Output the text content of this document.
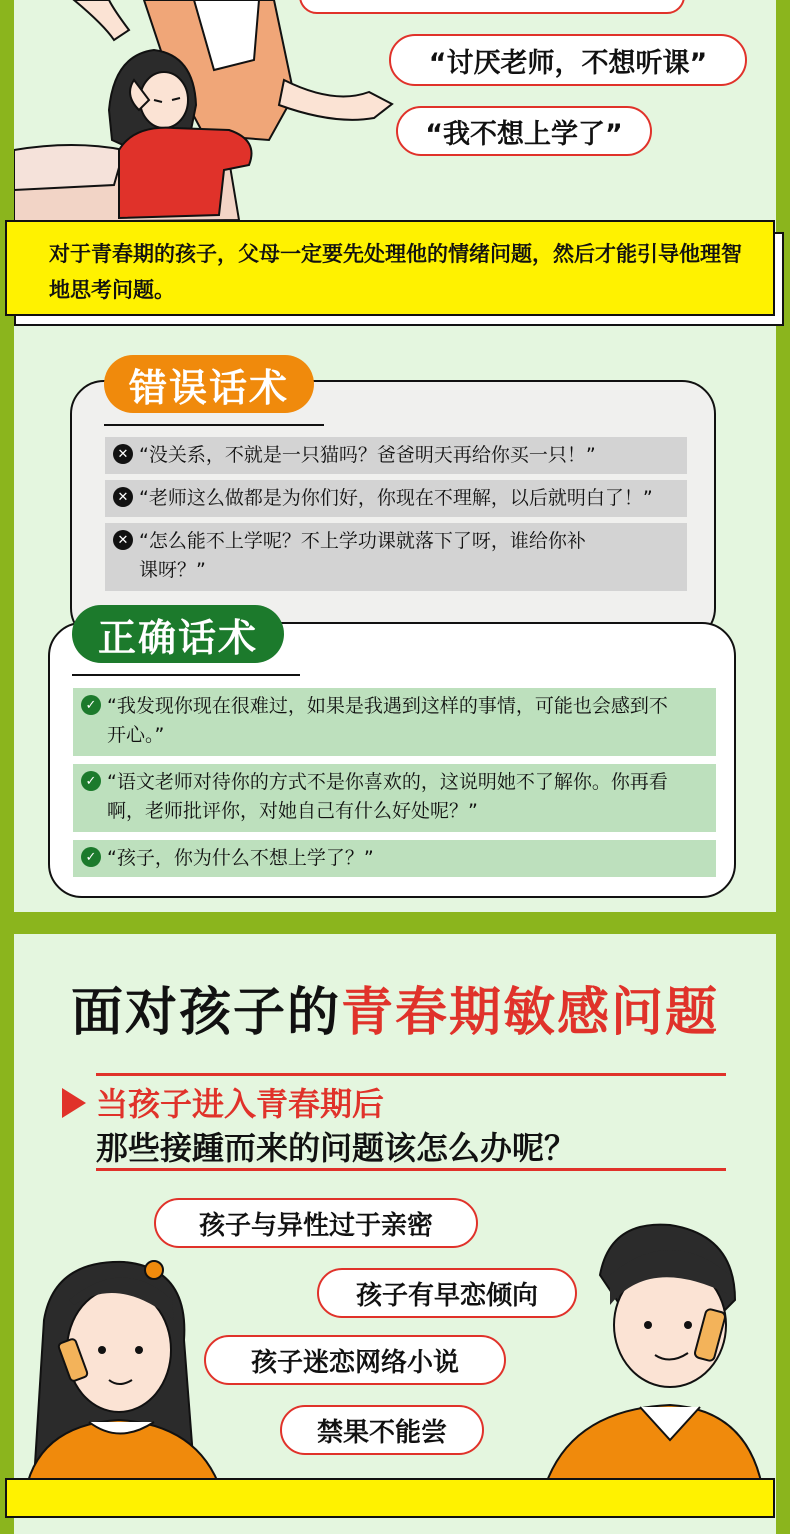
“讨厌老师，不想听课”
“我不想上学了”
错误话术
✕ “没关系，不就是一只猫吗？爸爸明天再给你买一只！”
✕ “老师这么做都是为你们好，你现在不理解，以后就明白了！”
✕ “怎么能不上学呢？不上学功课就落下了呀，谁给你补课呀？”
正确话术
✓ “我发现你现在很难过，如果是我遇到这样的事情，可能也会感到不开心。”
✓ “语文老师对待你的方式不是你喜欢的，这说明她不了解你。你再看啊，老师批评你，对她自己有什么好处呢？”
✓ “孩子，你为什么不想上学了？”
对于青春期的孩子，父母一定要先处理他的情绪问题，然后才能引导他理智地思考问题。
面对孩子的青春期敏感问题
当孩子进入青春期后
那些接踵而来的问题该怎么办呢？
孩子与异性过于亲密
孩子有早恋倾向
孩子迷恋网络小说
禁果不能尝
